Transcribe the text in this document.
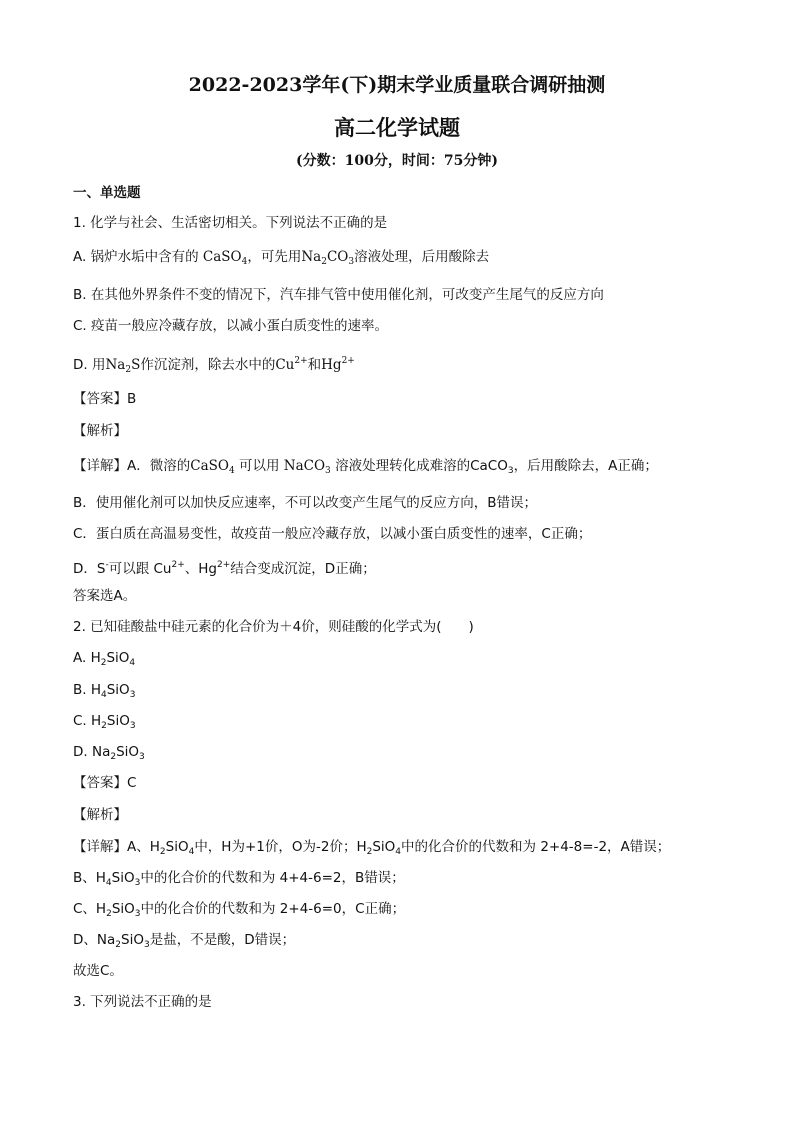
2022-2023学年(下)期末学业质量联合调研抽测
高二化学试题
(分数：100分，时间：75分钟)
一、单选题
1. 化学与社会、生活密切相关。下列说法不正确的是
A. 锅炉水垢中含有的 CaSO$_4$，可先用$Na_2CO_3$溶液处理，后用酸除去
B. 在其他外界条件不变的情况下，汽车排气管中使用催化剂，可改变产生尾气的反应方向
C. 疫苗一般应冷藏存放，以减小蛋白质变性的速率。
D. 用$Na_2S$作沉淀剂，除去水中的$Cu^{2+}$和$Hg^{2+}$
【答案】B
【解析】
【详解】A．微溶的CaSO$_4$ 可以用 NaCO$_3$ 溶液处理转化成难溶的CaCO$_3$，后用酸除去，A正确；
B．使用催化剂可以加快反应速率，不可以改变产生尾气的反应方向，B错误；
C．蛋白质在高温易变性，故疫苗一般应冷藏存放，以减小蛋白质变性的速率，C正确；
D．S-可以跟 $Cu^{2+}$、$Hg^{2+}$结合变成沉淀，D正确；
答案选A。
2. 已知硅酸盐中硅元素的化合价为＋4价，则硅酸的化学式为(　　)
A. $H_2SiO_4$
B. $H_4SiO_3$
C. $H_2SiO_3$
D. $Na_2SiO_3$
【答案】C
【解析】
【详解】A、$H_2SiO_4$中，H为+1价，O为-2价；$H_2SiO_4$中的化合价的代数和为 2+4-8=-2，A错误；
B、$H_4SiO_3$中的化合价的代数和为 4+4-6=2，B错误；
C、$H_2SiO_3$中的化合价的代数和为 2+4-6=0，C正确；
D、$Na_2SiO_3$是盐，不是酸，D错误；
故选C。
3. 下列说法不正确的是
